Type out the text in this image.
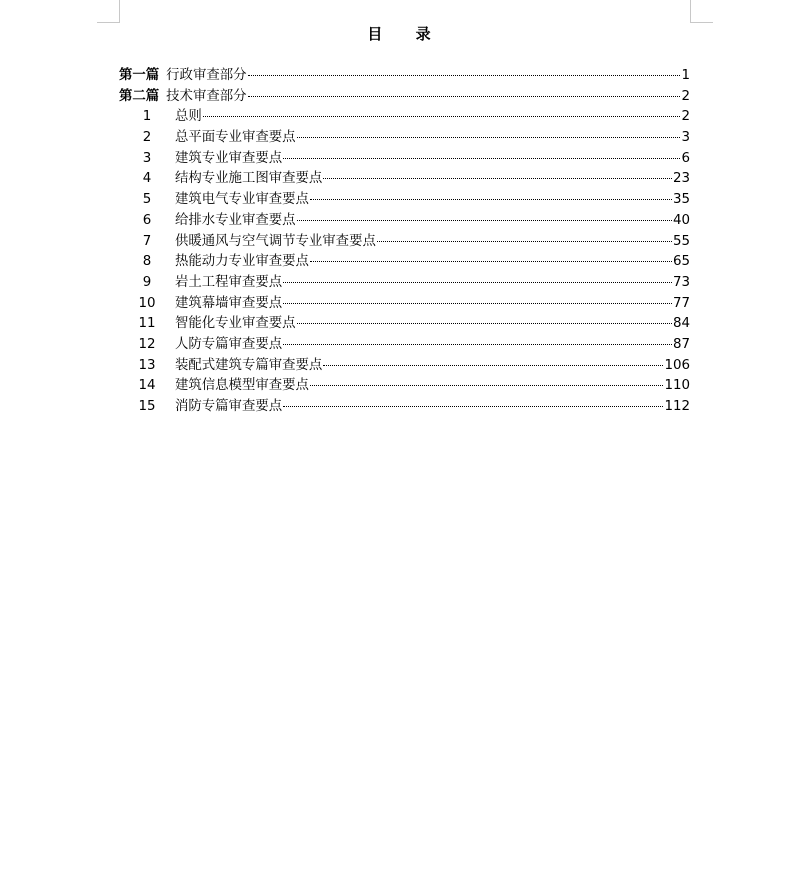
目 录
第一篇 行政审查部分	1
第二篇 技术审查部分	2
1	总则	2
2	总平面专业审查要点	3
3	建筑专业审查要点	6
4	结构专业施工图审查要点	23
5	建筑电气专业审查要点	35
6	给排水专业审查要点	40
7	供暖通风与空气调节专业审查要点	55
8	热能动力专业审查要点	65
9	岩土工程审查要点	73
10	建筑幕墙审查要点	77
11	智能化专业审查要点	84
12	人防专篇审查要点	87
13	装配式建筑专篇审查要点	106
14	建筑信息模型审查要点	110
15	消防专篇审查要点	112
